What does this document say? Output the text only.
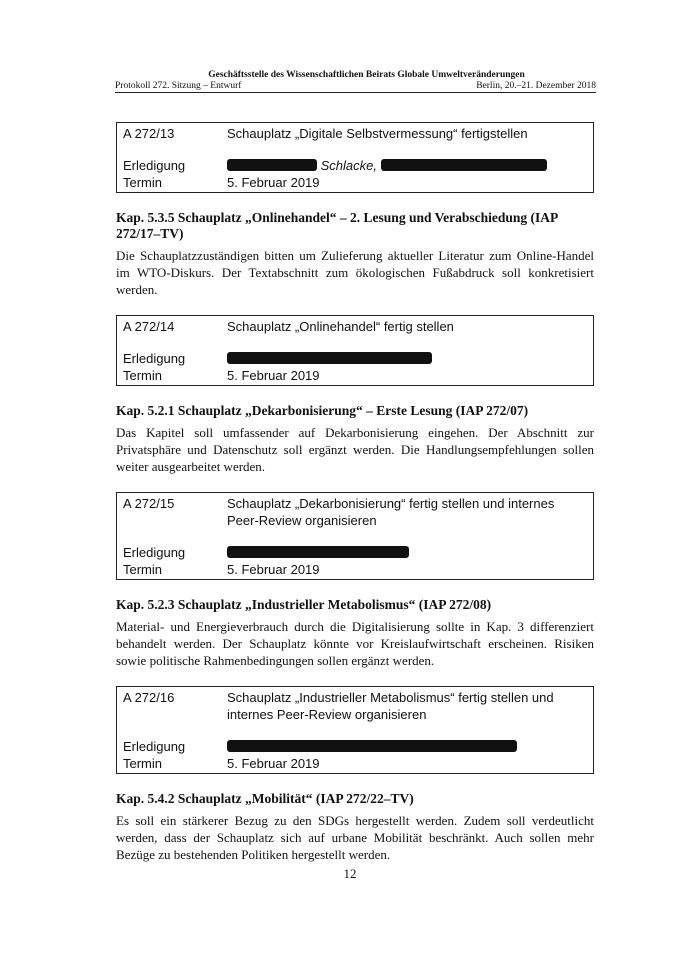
Geschäftsstelle des Wissenschaftlichen Beirats Globale Umweltveränderungen
Protokoll 272. Sitzung – Entwurf	Berlin, 20.–21. Dezember 2018
A 272/13	Schauplatz „Digitale Selbstvermessung“ fertigstellen
Erledigung	Schlacke,
Termin	5. Februar 2019
Kap. 5.3.5 Schauplatz „Onlinehandel“ – 2. Lesung und Verabschiedung (IAP 272/17–TV)
Die Schauplatzzuständigen bitten um Zulieferung aktueller Literatur zum Online-Handel im WTO-Diskurs. Der Textabschnitt zum ökologischen Fußabdruck soll konkretisiert werden.
A 272/14	Schauplatz „Onlinehandel“ fertig stellen
Erledigung
Termin	5. Februar 2019
Kap. 5.2.1 Schauplatz „Dekarbonisierung“ – Erste Lesung (IAP 272/07)
Das Kapitel soll umfassender auf Dekarbonisierung eingehen. Der Abschnitt zur Privatsphäre und Datenschutz soll ergänzt werden. Die Handlungsempfehlungen sollen weiter ausgearbeitet werden.
A 272/15	Schauplatz „Dekarbonisierung“ fertig stellen und internes
Peer-Review organisieren
Erledigung
Termin	5. Februar 2019
Kap. 5.2.3 Schauplatz „Industrieller Metabolismus“ (IAP 272/08)
Material- und Energieverbrauch durch die Digitalisierung sollte in Kap. 3 differenziert behandelt werden. Der Schauplatz könnte vor Kreislaufwirtschaft erscheinen. Risiken sowie politische Rahmenbedingungen sollen ergänzt werden.
A 272/16	Schauplatz „Industrieller Metabolismus“ fertig stellen und
internes Peer-Review organisieren
Erledigung
Termin	5. Februar 2019
Kap. 5.4.2 Schauplatz „Mobilität“ (IAP 272/22–TV)
Es soll ein stärkerer Bezug zu den SDGs hergestellt werden. Zudem soll verdeutlicht werden, dass der Schauplatz sich auf urbane Mobilität beschränkt. Auch sollen mehr Bezüge zu bestehenden Politiken hergestellt werden.
12
